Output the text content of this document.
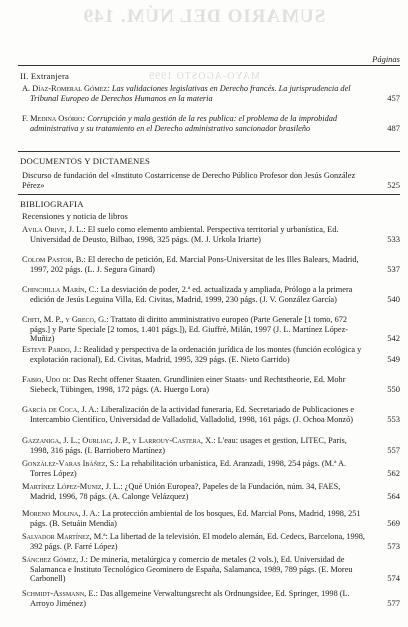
SUMARIO DEL NÚM. 149
MAYO-AGOSTO 1999
Páginas
II. Extranjera
A. Díaz-Romeral Gómez: Las validaciones legislativas en Derecho francés. La jurisprudencia del Tribunal Europeo de Derechos Humanos en la materia	457
F. Medina Osório: Corrupción y mala gestión de la res publica: el problema de la improbidad administrativa y su tratamiento en el Derecho administrativo sancionador brasileño	487
DOCUMENTOS Y DICTAMENES
Discurso de fundación del «Instituto Costarricense de Derecho Público Profesor don Jesús González Pérez»	525
BIBLIOGRAFIA
Recensiones y noticia de libros
Avila Orive, J. L.: El suelo como elemento ambiental. Perspectiva territorial y urbanística, Ed. Universidad de Deusto, Bilbao, 1998, 325 págs. (M. J. Urkola Iriarte)	533
Colom Pastor, B.: El derecho de petición, Ed. Marcial Pons-Universitat de les Illes Balears, Madrid, 1997, 202 págs. (L. J. Segura Ginard)	537
Chinchilla Marín, C.: La desviación de poder, 2.ª ed. actualizada y ampliada, Prólogo a la primera edición de Jesús Leguina Villa, Ed. Civitas, Madrid, 1999, 230 págs. (J. V. González García)	540
Chiti, M. P., y Greco, G.: Trattato di diritto amministrativo europeo (Parte Generale [1 tomo, 672 págs.] y Parte Speciale [2 tomos, 1.401 págs.]), Ed. Giuffrè, Milán, 1997 (J. L. Martínez López-Muñiz)	542
Esteve Pardo, J.: Realidad y perspectiva de la ordenación jurídica de los montes (función ecológica y explotación racional), Ed. Civitas, Madrid, 1995, 329 págs. (E. Nieto Garrido)	549
Fabio, Udo di: Das Recht offener Staaten. Grundlinien einer Staats- und Rechtstheorie, Ed. Mohr Siebeck, Tübingen, 1998, 172 págs. (A. Huergo Lora)	550
García de Coca, J. A.: Liberalización de la actividad funeraria, Ed. Secretariado de Publicaciones e Intercambio Científico, Universidad de Valladolid, Valladolid, 1998, 161 págs. (J. Ochoa Monzó)	553
Gazzaniga, J. L.; Ourliac, J. P., y Larrouy-Castera, X.: L'eau: usages et gestion, LITEC, Paris, 1998, 316 págs. (I. Barriobero Martínez)	557
González-Varas Ibáñez, S.: La rehabilitación urbanística, Ed. Aranzadi, 1998, 254 págs. (M.ª A. Torres López)	562
Martínez López-Muniz, J. L.: ¿Qué Unión Europea?, Papeles de la Fundación, núm. 34, FAES, Madrid, 1996, 78 págs. (A. Calonge Velázquez)	564
Moreno Molina, J. A.: La protección ambiental de los bosques, Ed. Marcial Pons, Madrid, 1998, 251 págs. (B. Setuáin Mendía)	569
Salvador Martínez, M.ª: La libertad de la televisión. El modelo alemán, Ed. Cedecs, Barcelona, 1998, 392 págs. (P. Farré López)	573
Sánchez Gómez, J.: De minería, metalúrgica y comercio de metales (2 vols.), Ed. Universidad de Salamanca e Instituto Tecnológico Geominero de España, Salamanca, 1989, 789 págs. (E. Moreu Carbonell)	574
Schmidt-Aßmann, E.: Das allgemeine Verwaltungsrecht als Ordnungsidee, Ed. Springer, 1998 (L. Arroyo Jiménez)	577
